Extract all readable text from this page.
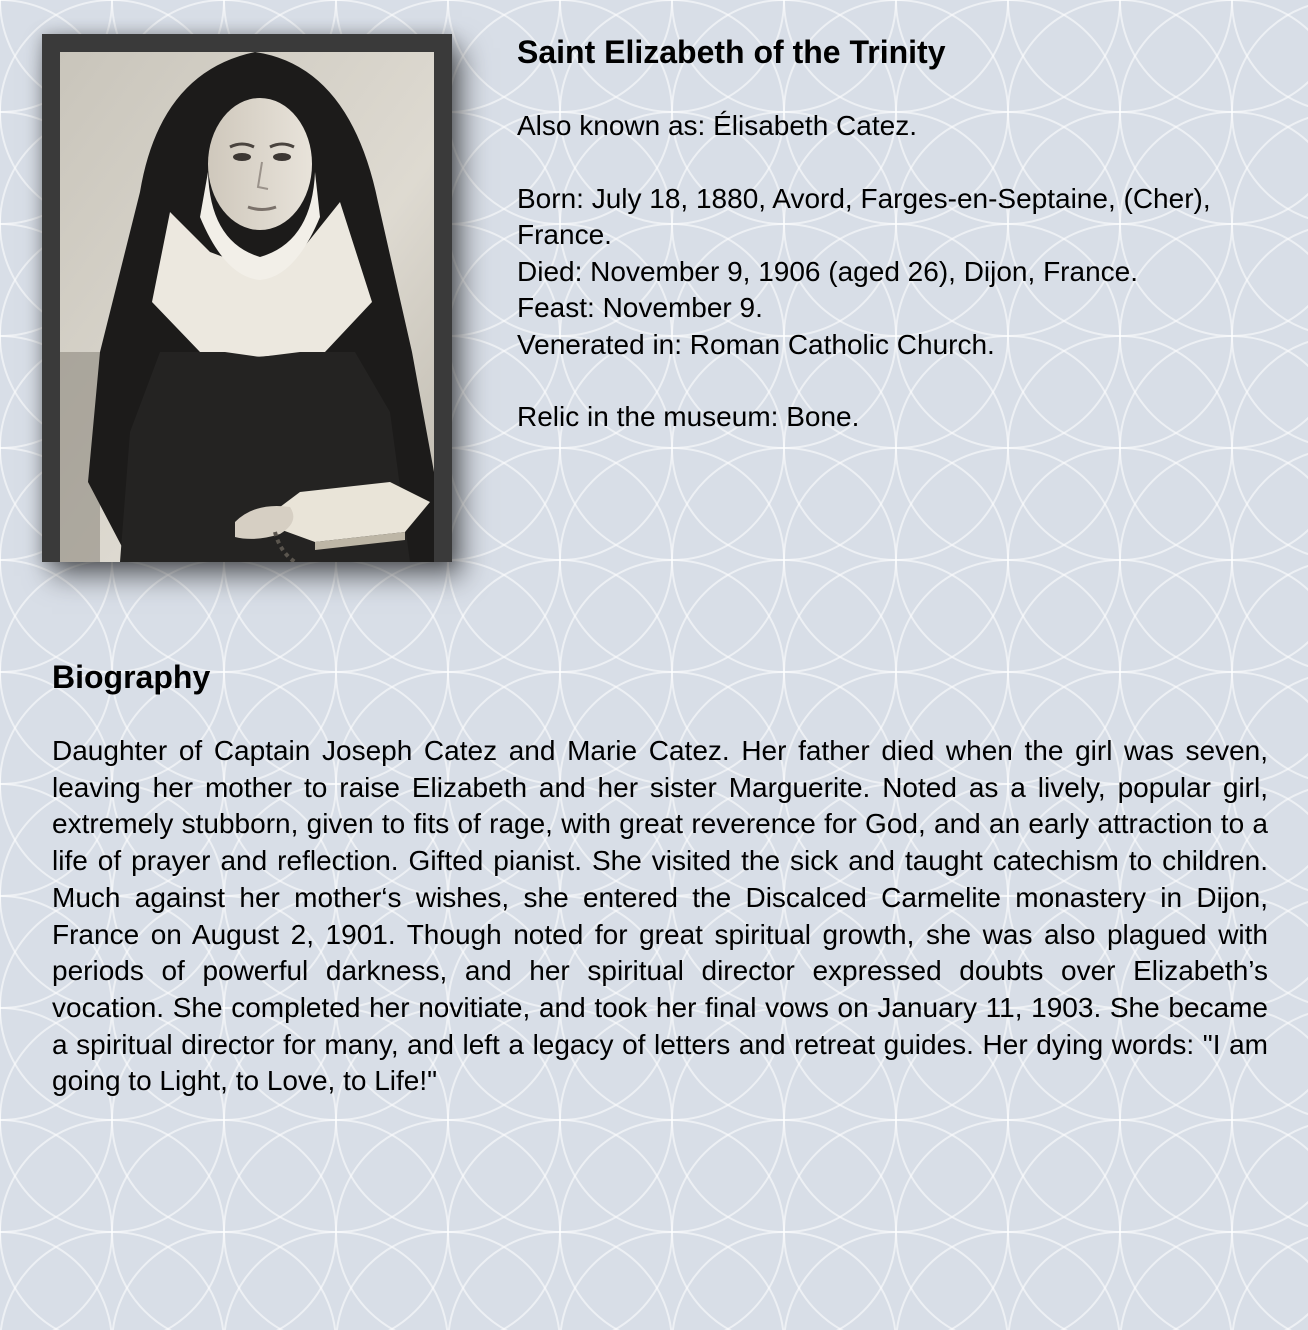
Saint Elizabeth of the Trinity

Also known as: Élisabeth Catez.

Born: July 18, 1880, Avord, Farges-en-Septaine, (Cher), France.

Died: November 9, 1906 (aged 26), Dijon, France.

Feast: November 9.

Venerated in: Roman Catholic Church.

Relic in the museum: Bone.

Biography

Daughter of Captain Joseph Catez and Marie Catez. Her father died when the girl was seven, leaving her mother to raise Elizabeth and her sister Marguerite. Noted as a lively, popular girl, extremely stubborn, given to fits of rage, with great reverence for God, and an early attraction to a life of prayer and reflection. Gifted pianist. She visited the sick and taught catechism to children. Much against her mother‘s wishes, she entered the Discalced Carmelite monastery in Dijon, France on August 2, 1901. Though noted for great spiritual growth, she was also plagued with periods of powerful darkness, and her spiritual director expressed doubts over Elizabeth’s vocation. She completed her novitiate, and took her final vows on January 11, 1903. She became a spiritual director for many, and left a legacy of letters and retreat guides. Her dying words: "I am going to Light, to Love, to Life!"
